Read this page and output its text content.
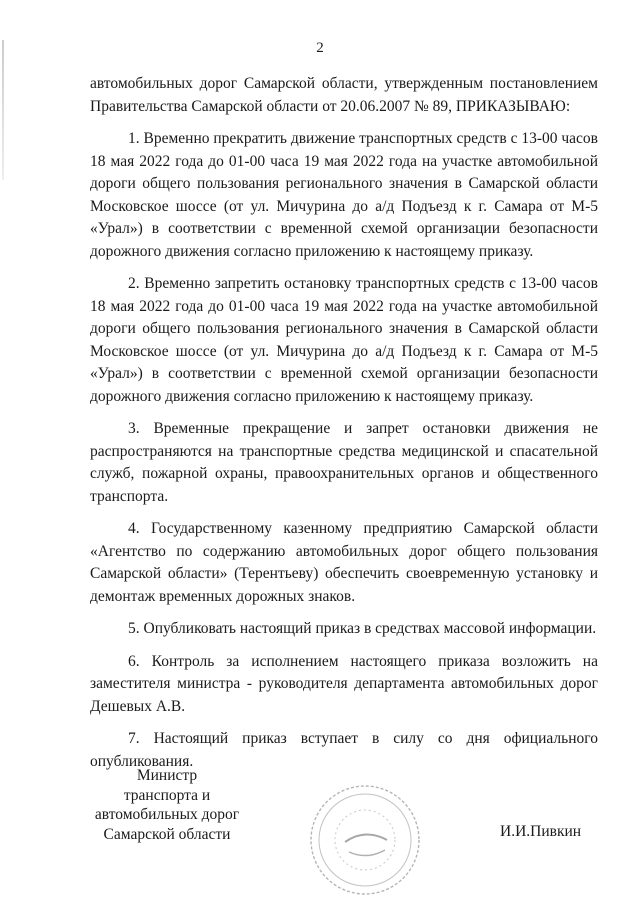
2

автомобильных дорог Самарской области, утвержденным постановлением Правительства Самарской области от 20.06.2007 № 89, ПРИКАЗЫВАЮ:

1. Временно прекратить движение транспортных средств с 13-00 часов 18 мая 2022 года до 01-00 часа 19 мая 2022 года на участке автомобильной дороги общего пользования регионального значения в Самарской области Московское шоссе (от ул. Мичурина до а/д Подъезд к г. Самара от М-5 «Урал») в соответствии с временной схемой организации безопасности дорожного движения согласно приложению к настоящему приказу.

2. Временно запретить остановку транспортных средств с 13-00 часов 18 мая 2022 года до 01-00 часа 19 мая 2022 года на участке автомобильной дороги общего пользования регионального значения в Самарской области Московское шоссе (от ул. Мичурина до а/д Подъезд к г. Самара от М-5 «Урал») в соответствии с временной схемой организации безопасности дорожного движения согласно приложению к настоящему приказу.

3. Временные прекращение и запрет остановки движения не распространяются на транспортные средства медицинской и спасательной служб, пожарной охраны, правоохранительных органов и общественного транспорта.

4. Государственному казенному предприятию Самарской области «Агентство по содержанию автомобильных дорог общего пользования Самарской области» (Терентьеву) обеспечить своевременную установку и демонтаж временных дорожных знаков.

5. Опубликовать настоящий приказ в средствах массовой информации.

6. Контроль за исполнением настоящего приказа возложить на заместителя министра - руководителя департамента автомобильных дорог Дешевых А.В.

7. Настоящий приказ вступает в силу со дня официального опубликования.

Министр
транспорта и
автомобильных дорог
Самарской области	И.И.Пивкин
